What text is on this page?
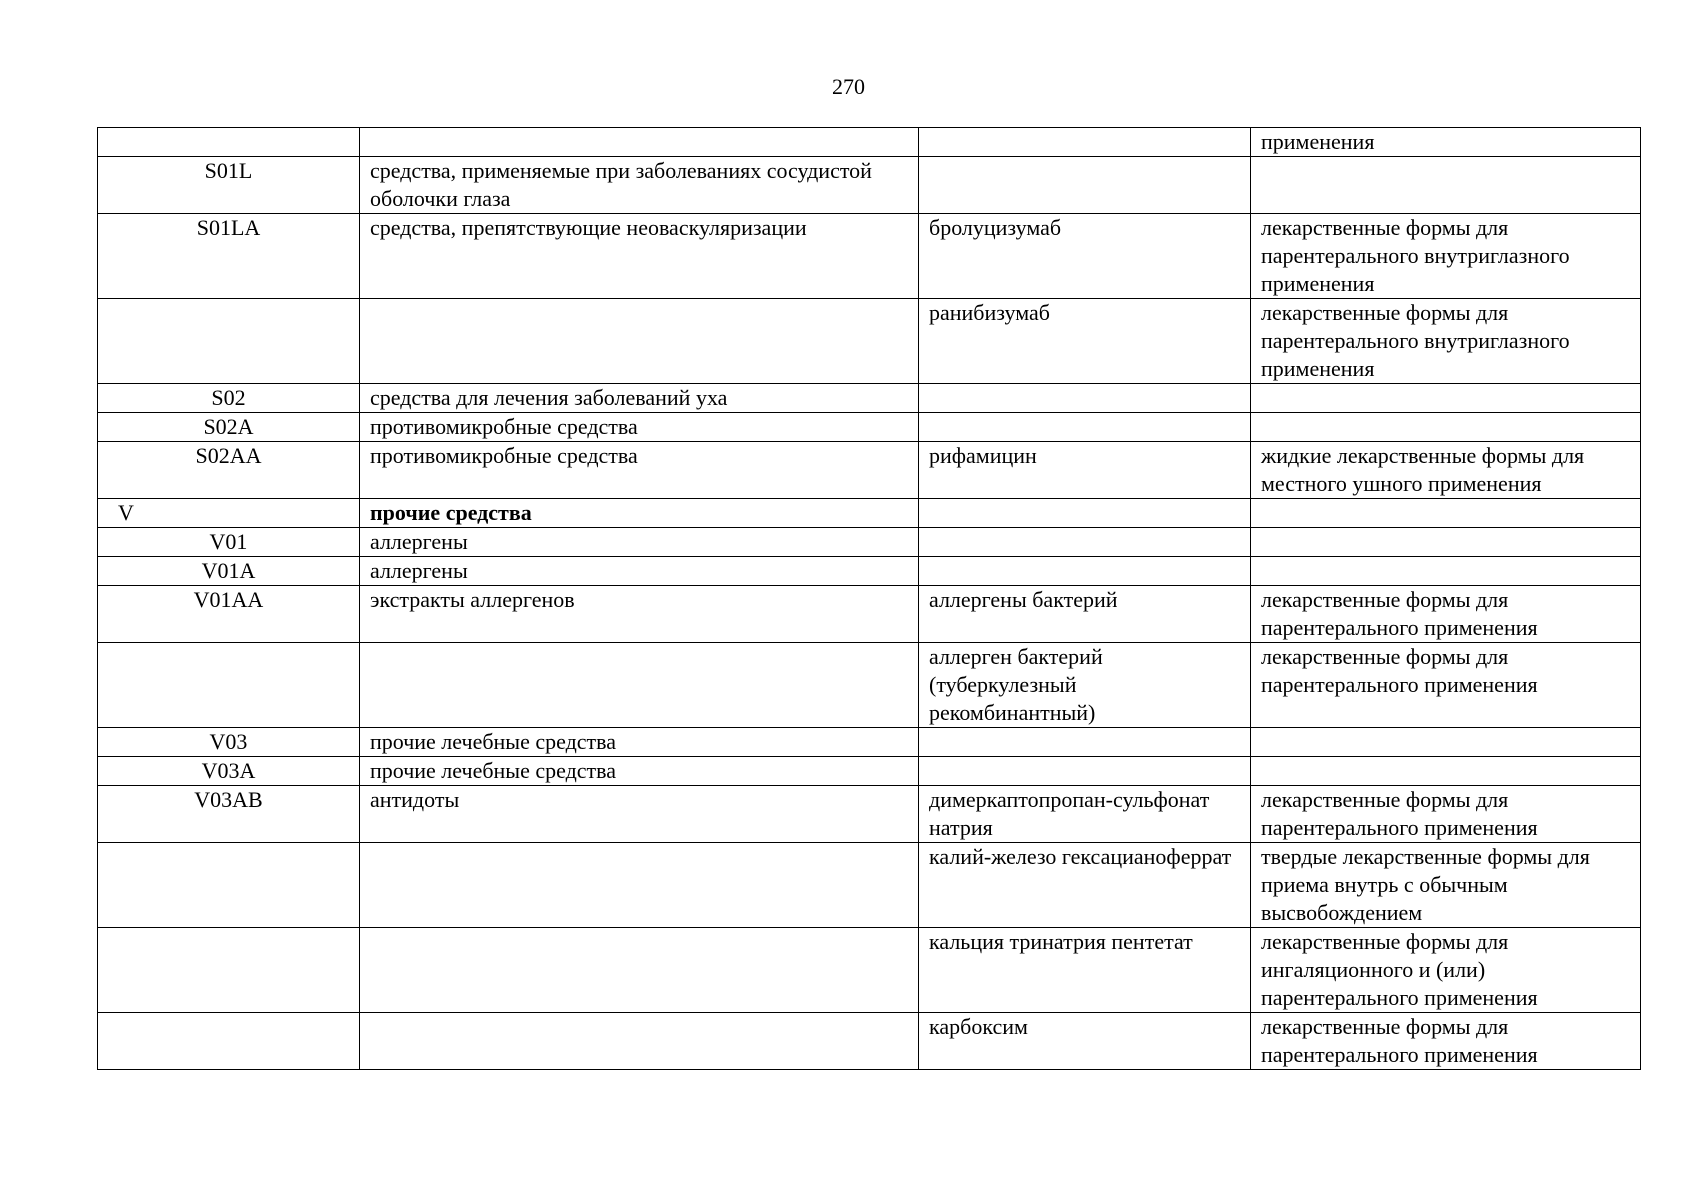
270
			применения
S01L	средства, применяемые при заболеваниях сосудистой оболочки глаза		
S01LA	средства, препятствующие неоваскуляризации	бролуцизумаб	лекарственные формы для парентерального внутриглазного применения
		ранибизумаб	лекарственные формы для парентерального внутриглазного применения
S02	средства для лечения заболеваний уха		
S02A	противомикробные средства		
S02AA	противомикробные средства	рифамицин	жидкие лекарственные формы для местного ушного применения
V	прочие средства		
V01	аллергены		
V01A	аллергены		
V01AA	экстракты аллергенов	аллергены бактерий	лекарственные формы для парентерального применения
		аллерген бактерий (туберкулезный рекомбинантный)	лекарственные формы для парентерального применения
V03	прочие лечебные средства		
V03A	прочие лечебные средства		
V03AB	антидоты	димеркаптопропан-сульфонат натрия	лекарственные формы для парентерального применения
		калий-железо гексацианоферрат	твердые лекарственные формы для приема внутрь с обычным высвобождением
		кальция тринатрия пентетат	лекарственные формы для ингаляционного и (или) парентерального применения
		карбоксим	лекарственные формы для парентерального применения
